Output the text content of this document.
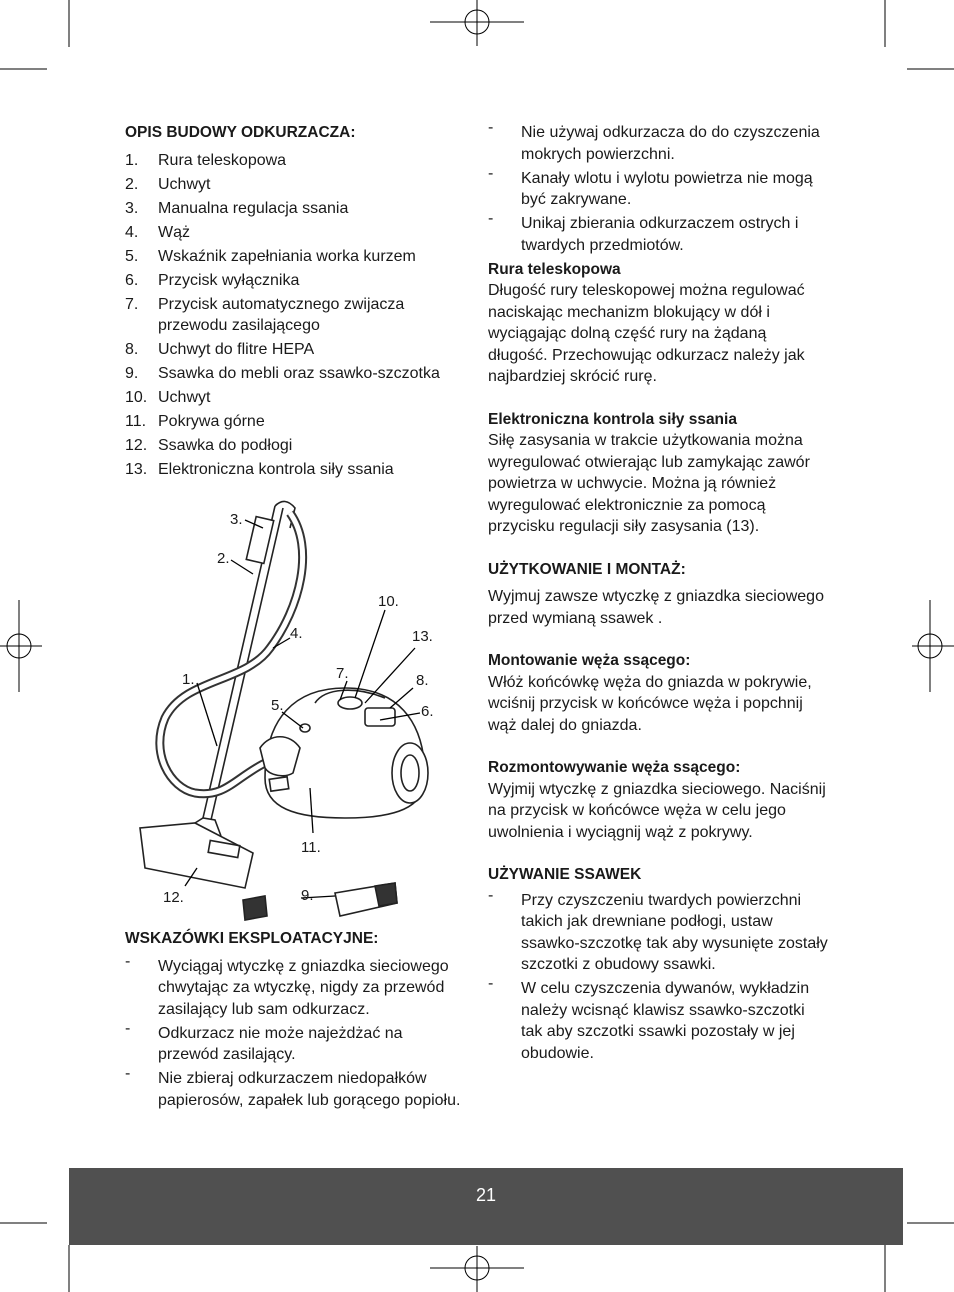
OPIS BUDOWY ODKURZACZA:

1. Rura teleskopowa
2. Uchwyt
3. Manualna regulacja ssania
4. Wąż
5. Wskaźnik zapełniania worka kurzem
6. Przycisk wyłącznika
7. Przycisk automatycznego zwijacza przewodu zasilającego
8. Uchwyt do flitre HEPA
9. Ssawka do mebli oraz ssawko-szczotka
10. Uchwyt
11. Pokrywa górne
12. Ssawka do podłogi
13. Elektroniczna kontrola siły ssania
1.
2.
3.
4.
5.	6.
7.	8.
9.
10.
11.
12.
13.

WSKAZÓWKI EKSPLOATACYJNE:

- Wyciągaj wtyczkę z gniazdka sieciowego chwytając za wtyczkę, nigdy za przewód zasilający lub sam odkurzacz.
- Odkurzacz nie może najeżdżać na przewód zasilający.
- Nie zbieraj odkurzaczem niedopałków papierosów, zapałek lub gorącego popiołu.
- Nie używaj odkurzacza do do czyszczenia mokrych powierzchni.
- Kanały wlotu i wylotu powietrza nie mogą być zakrywane.
- Unikaj zbierania odkurzaczem ostrych i twardych przedmiotów.

Rura teleskopowa

Długość rury teleskopowej można regulować naciskając mechanizm blokujący w dół i wyciągając dolną część rury na żądaną długość. Przechowując odkurzacz należy jak najbardziej skrócić rurę.

Elektroniczna kontrola siły ssania

Siłę zasysania w trakcie użytkowania można wyregulować otwierając lub zamykając zawór powietrza w uchwycie. Można ją również wyregulować elektronicznie za pomocą przycisku regulacji siły zasysania (13).

UŻYTKOWANIE I MONTAŻ:

Wyjmuj zawsze wtyczkę z gniazdka sieciowego przed wymianą ssawek .

Montowanie węża ssącego:

Włóż końcówkę węża do gniazda w pokrywie, wciśnij przycisk w końcówce węża i popchnij wąż dalej do gniazda.

Rozmontowywanie węża ssącego:

Wyjmij wtyczkę z gniazdka sieciowego. Naciśnij na przycisk w końcówce węża w celu jego uwolnienia i wyciągnij wąż z pokrywy.

UŻYWANIE SSAWEK

- Przy czyszczeniu twardych powierzchni takich jak drewniane podłogi, ustaw ssawko-szczotkę tak aby wysunięte zostały szczotki z obudowy ssawki.
- W celu czyszczenia dywanów, wykładzin należy wcisnąć klawisz ssawko-szczotki tak aby szczotki ssawki pozostały w jej obudowie.
21
